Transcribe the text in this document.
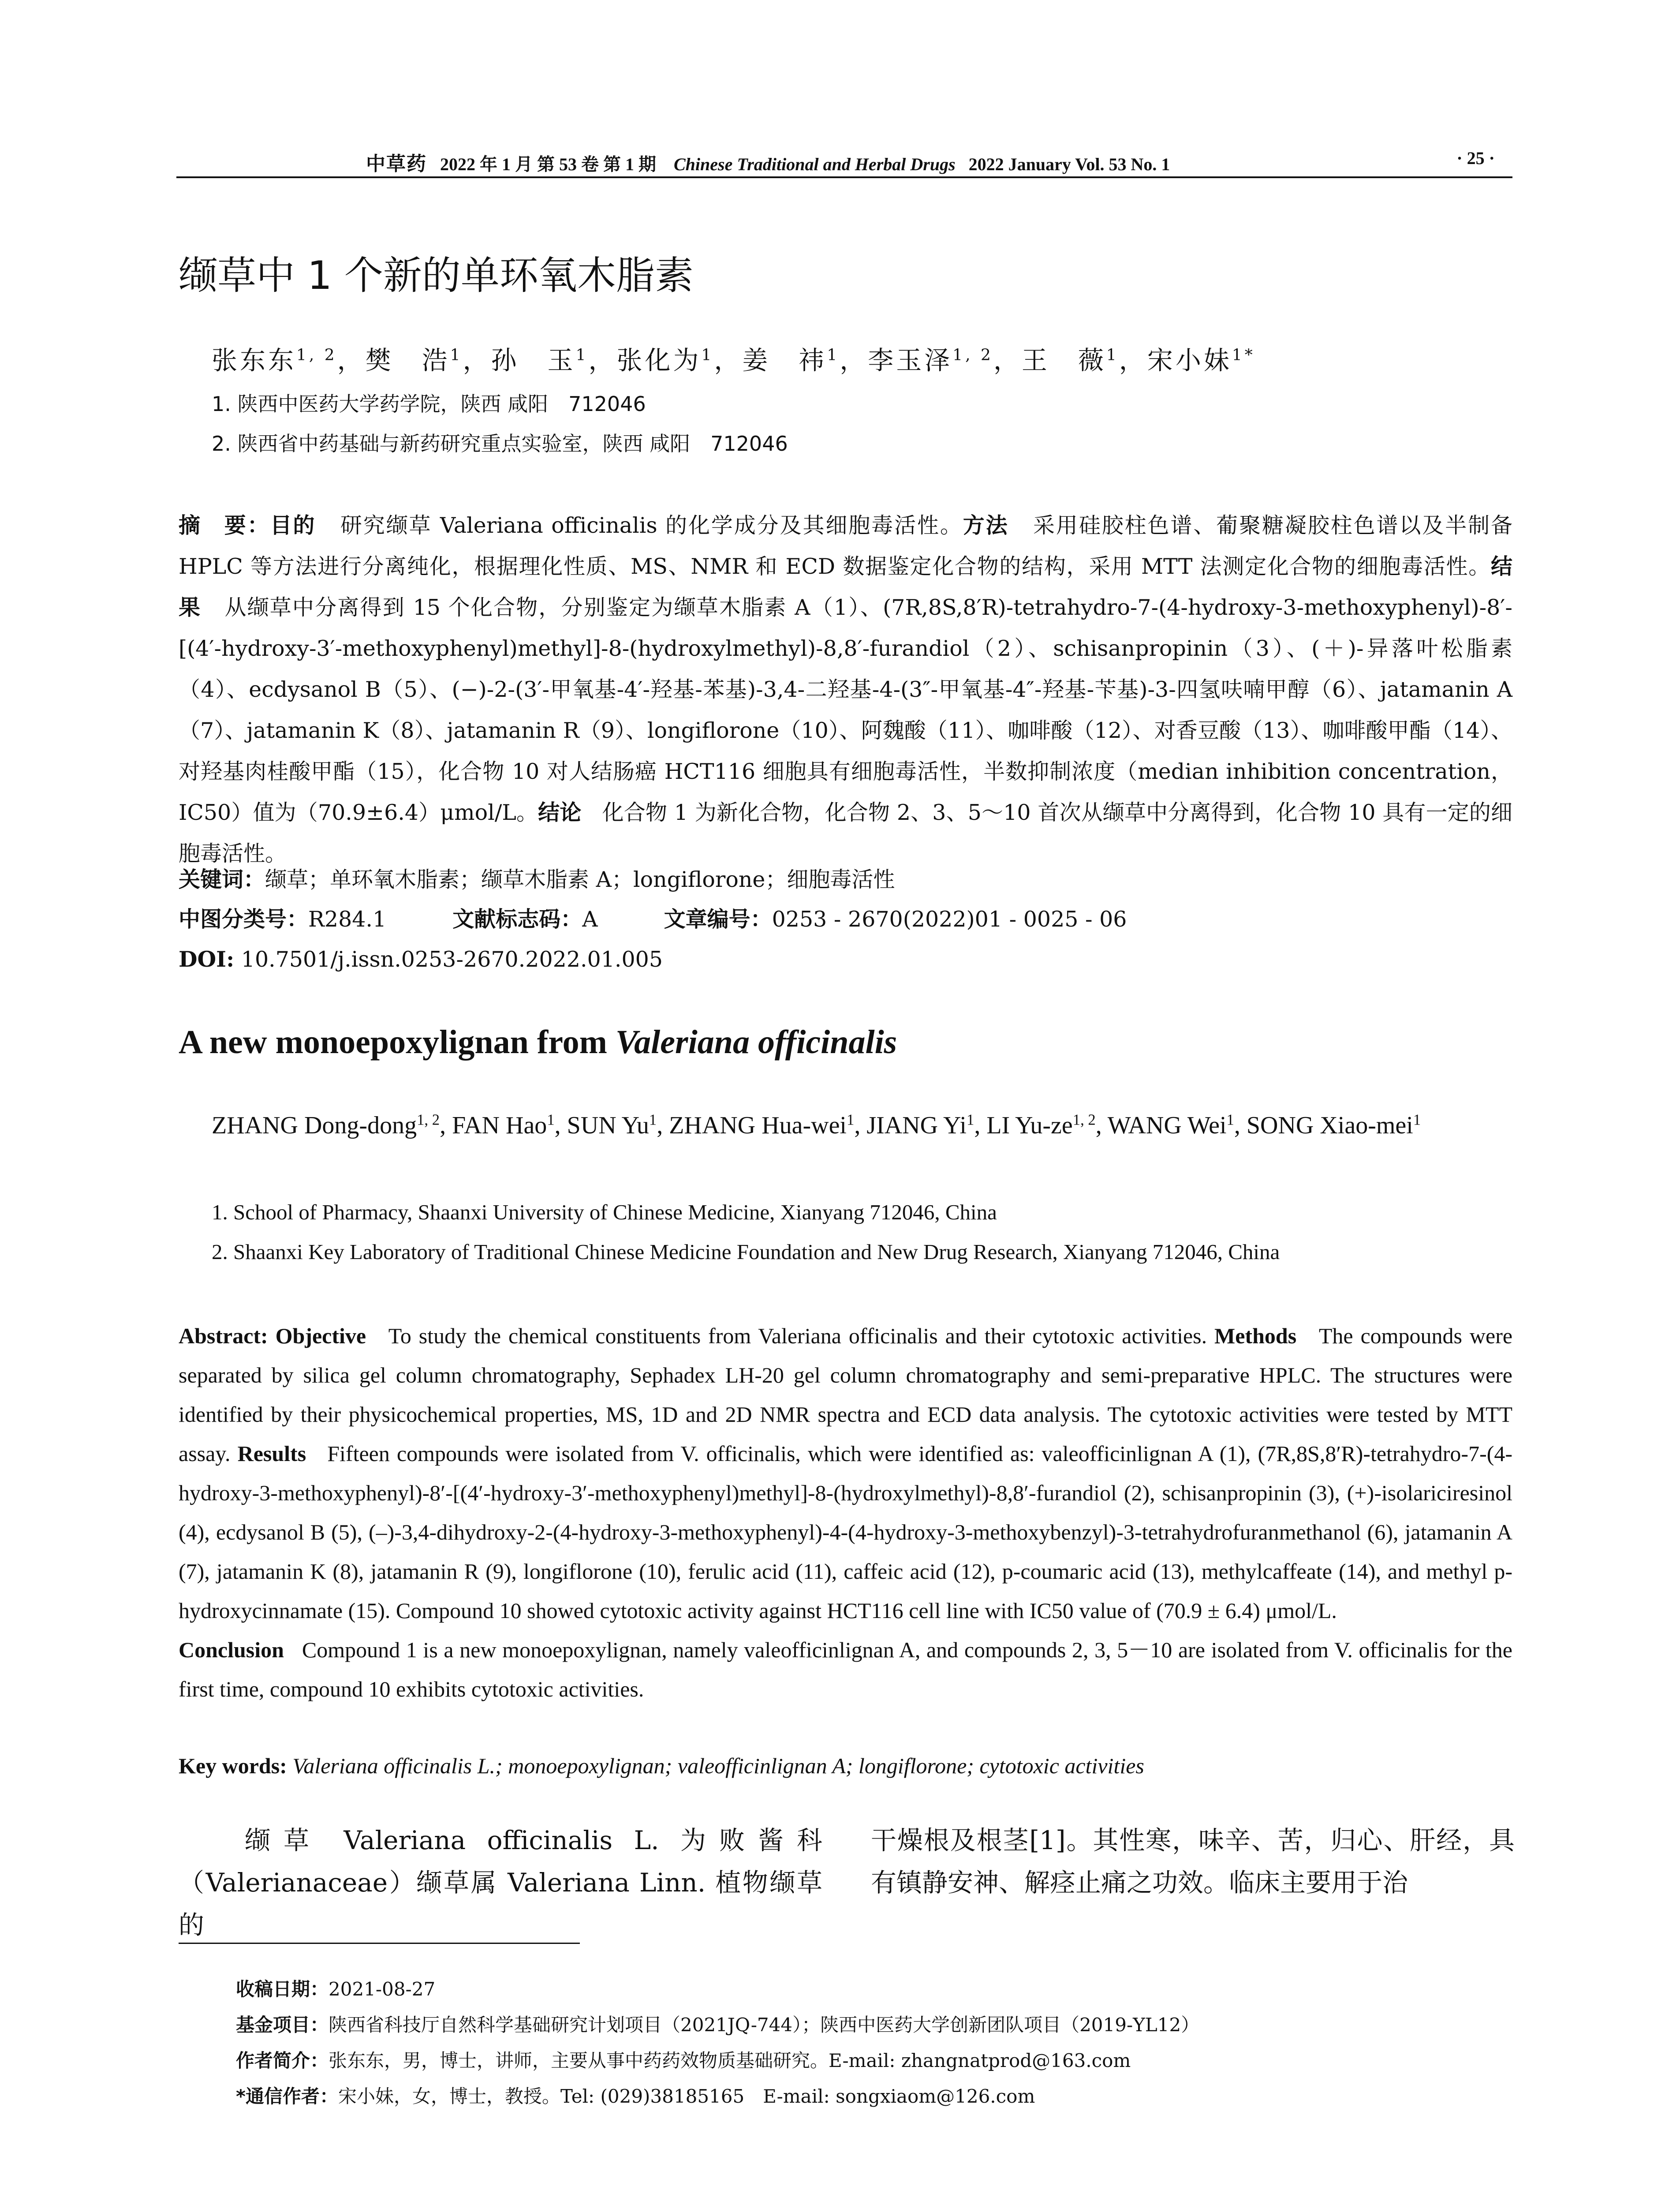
中草药 2022 年 1 月 第 53 卷 第 1 期 Chinese Traditional and Herbal Drugs 2022 January Vol. 53 No. 1	· 25 ·
缬草中 1 个新的单环氧木脂素
张东东$^{1, 2}$，樊　浩$^1$，孙　玉$^1$，张化为$^1$，姜　祎$^1$，李玉泽$^{1, 2}$，王　薇$^1$，宋小妹$^{1*}$
1. 陕西中医药大学药学院，陕西 咸阳　712046
2. 陕西省中药基础与新药研究重点实验室，陕西 咸阳　712046
摘　要：目的 研究缬草 Valeriana officinalis 的化学成分及其细胞毒活性。方法 采用硅胶柱色谱、葡聚糖凝胶柱色谱以及半制备 HPLC 等方法进行分离纯化，根据理化性质、MS、NMR 和 ECD 数据鉴定化合物的结构，采用 MTT 法测定化合物的细胞毒活性。结果 从缬草中分离得到 15 个化合物，分别鉴定为缬草木脂素 A（1）、(7R,8S,8′R)-tetrahydro-7-(4-hydroxy-3-methoxyphenyl)-8′-[(4′-hydroxy-3′-methoxyphenyl)methyl]-8-(hydroxylmethyl)-8,8′-furandiol（2）、schisanpropinin（3）、(＋)-异落叶松脂素（4）、ecdysanol B（5）、(−)-2-(3′-甲氧基-4′-羟基-苯基)-3,4-二羟基-4-(3″-甲氧基-4″-羟基-苄基)-3-四氢呋喃甲醇（6）、jatamanin A（7）、jatamanin K（8）、jatamanin R（9）、longiflorone（10）、阿魏酸（11）、咖啡酸（12）、对香豆酸（13）、咖啡酸甲酯（14）、对羟基肉桂酸甲酯（15），化合物 10 对人结肠癌 HCT116 细胞具有细胞毒活性，半数抑制浓度（median inhibition concentration，IC50）值为（70.9±6.4）μmol/L。结论 化合物 1 为新化合物，化合物 2、3、5～10 首次从缬草中分离得到，化合物 10 具有一定的细胞毒活性。
关键词：缬草；单环氧木脂素；缬草木脂素 A；longiflorone；细胞毒活性
中图分类号：R284.1	文献标志码：A	文章编号：0253 - 2670(2022)01 - 0025 - 06
DOI: 10.7501/j.issn.0253-2670.2022.01.005
A new monoepoxylignan from Valeriana officinalis
ZHANG Dong-dong$^{1, 2}$, FAN Hao$^1$, SUN Yu$^1$, ZHANG Hua-wei$^1$, JIANG Yi$^1$, LI Yu-ze$^{1, 2}$, WANG Wei$^1$, SONG Xiao-mei$^1$
1. School of Pharmacy, Shaanxi University of Chinese Medicine, Xianyang 712046, China
2. Shaanxi Key Laboratory of Traditional Chinese Medicine Foundation and New Drug Research, Xianyang 712046, China
Abstract: Objective To study the chemical constituents from Valeriana officinalis and their cytotoxic activities. Methods The compounds were separated by silica gel column chromatography, Sephadex LH-20 gel column chromatography and semi-preparative HPLC. The structures were identified by their physicochemical properties, MS, 1D and 2D NMR spectra and ECD data analysis. The cytotoxic activities were tested by MTT assay. Results Fifteen compounds were isolated from V. officinalis, which were identified as: valeofficinlignan A (1), (7R,8S,8′R)-tetrahydro-7-(4-hydroxy-3-methoxyphenyl)-8′-[(4′-hydroxy-3′-methoxyphenyl)methyl]-8-(hydroxylmethyl)-8,8′-furandiol (2), schisanpropinin (3), (+)-isolariciresinol (4), ecdysanol B (5), (–)-3,4-dihydroxy-2-(4-hydroxy-3-methoxyphenyl)-4-(4-hydroxy-3-methoxybenzyl)-3-tetrahydrofuranmethanol (6), jatamanin A (7), jatamanin K (8), jatamanin R (9), longiflorone (10), ferulic acid (11), caffeic acid (12), p-coumaric acid (13), methylcaffeate (14), and methyl p-hydroxycinnamate (15). Compound 10 showed cytotoxic activity against HCT116 cell line with IC50 value of (70.9 ± 6.4) μmol/L.
Conclusion Compound 1 is a new monoepoxylignan, namely valeofficinlignan A, and compounds 2, 3, 5－10 are isolated from V. officinalis for the first time, compound 10 exhibits cytotoxic activities.
Key words: Valeriana officinalis L.; monoepoxylignan; valeofficinlignan A; longiflorone; cytotoxic activities
缬草 Valeriana officinalis L. 为败酱科（Valerianaceae）缬草属 Valeriana Linn. 植物缬草的
干燥根及根茎[1]。其性寒，味辛、苦，归心、肝经，具有镇静安神、解痉止痛之功效。临床主要用于治
收稿日期：2021-08-27
基金项目：陕西省科技厅自然科学基础研究计划项目（2021JQ-744）；陕西中医药大学创新团队项目（2019-YL12）
作者简介：张东东，男，博士，讲师，主要从事中药药效物质基础研究。E-mail: zhangnatprod@163.com
*通信作者：宋小妹，女，博士，教授。Tel: (029)38185165　E-mail: songxiaom@126.com
